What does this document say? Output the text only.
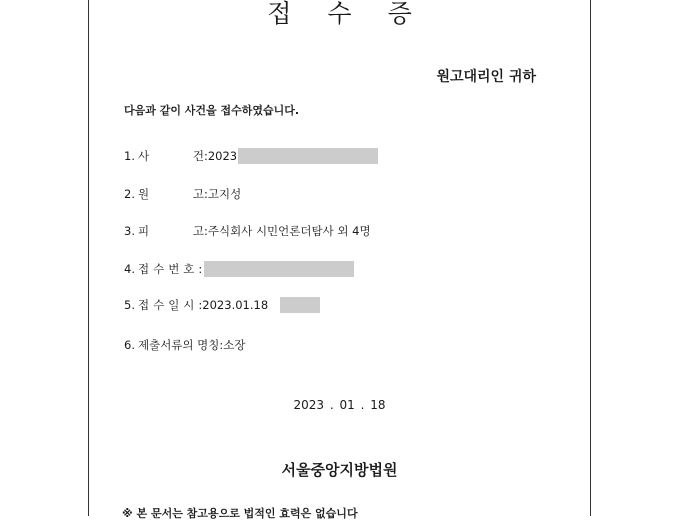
접수증
원고대리인 귀하
다음과 같이 사건을 접수하였습니다.
1. 사	건 : 2023
2. 원	고 : 고지성
3. 피	고 : 주식회사 시민언론더탐사 외 4명
4. 접수번호 :
5. 접수일시 : 2023.01.18
6. 제출서류의 명칭 : 소장
2023 . 01 . 18
서울중앙지방법원
※ 본 문서는 참고용으로 법적인 효력은 없습니다
